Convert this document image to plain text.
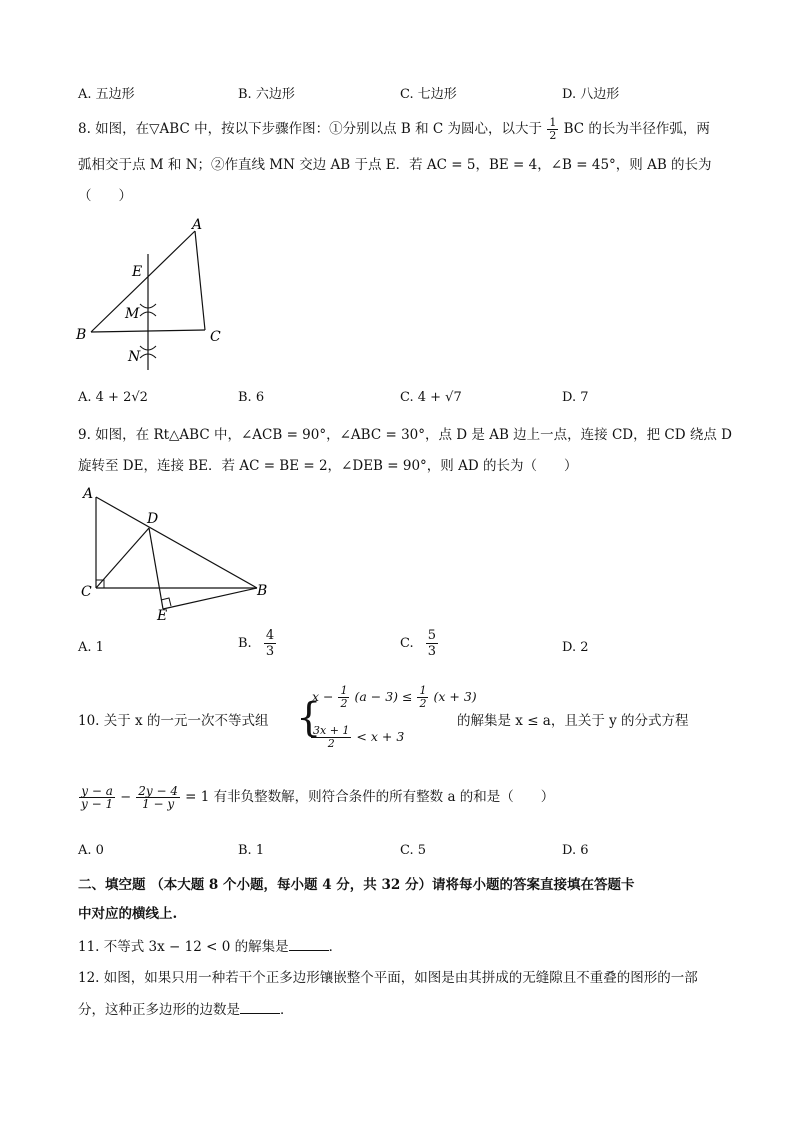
A. 五边形	B. 六边形	C. 七边形	D. 八边形
8. 如图，在▽ABC 中，按以下步骤作图：①分别以点 B 和 C 为圆心，以大于 $\frac{1}{2}$ BC 的长为半径作弧，两
弧相交于点 M 和 N；②作直线 MN 交边 AB 于点 E．若 AC = 5，BE = 4，∠B = 45°，则 AB 的长为
（　　）
A
E
M
B	C
N
A. 4 + 2√2	B. 6	C. 4 + √7	D. 7
9. 如图，在 Rt△ABC 中，∠ACB = 90°，∠ABC = 30°，点 D 是 AB 边上一点，连接 CD，把 CD 绕点 D
旋转至 DE，连接 BE．若 AC = BE = 2，∠DEB = 90°，则 AD 的长为（　　）
A
D
C	B
E
A. 1	B. $\frac{4}{3}$	C. $\frac{5}{3}$	D. 2
10. 关于 x 的一元一次不等式组 {
$x - \frac{1}{2} (a - 3) \le \frac{1}{2} (x + 3)$
$\frac{3x + 1}{2} < x + 3$
的解集是 x ≤ a，且关于 y 的分式方程
$\frac{y - a}{y - 1} - \frac{2y - 4}{1 - y} = 1$ 有非负整数解，则符合条件的所有整数 a 的和是（　　）
A. 0	B. 1	C. 5	D. 6
二、填空题 （本大题 8 个小题，每小题 4 分，共 32 分）请将每小题的答案直接填在答题卡
中对应的横线上.
11. 不等式 3x − 12 < 0 的解集是	．
12. 如图，如果只用一种若干个正多边形镶嵌整个平面，如图是由其拼成的无缝隙且不重叠的图形的一部
分，这种正多边形的边数是	．
